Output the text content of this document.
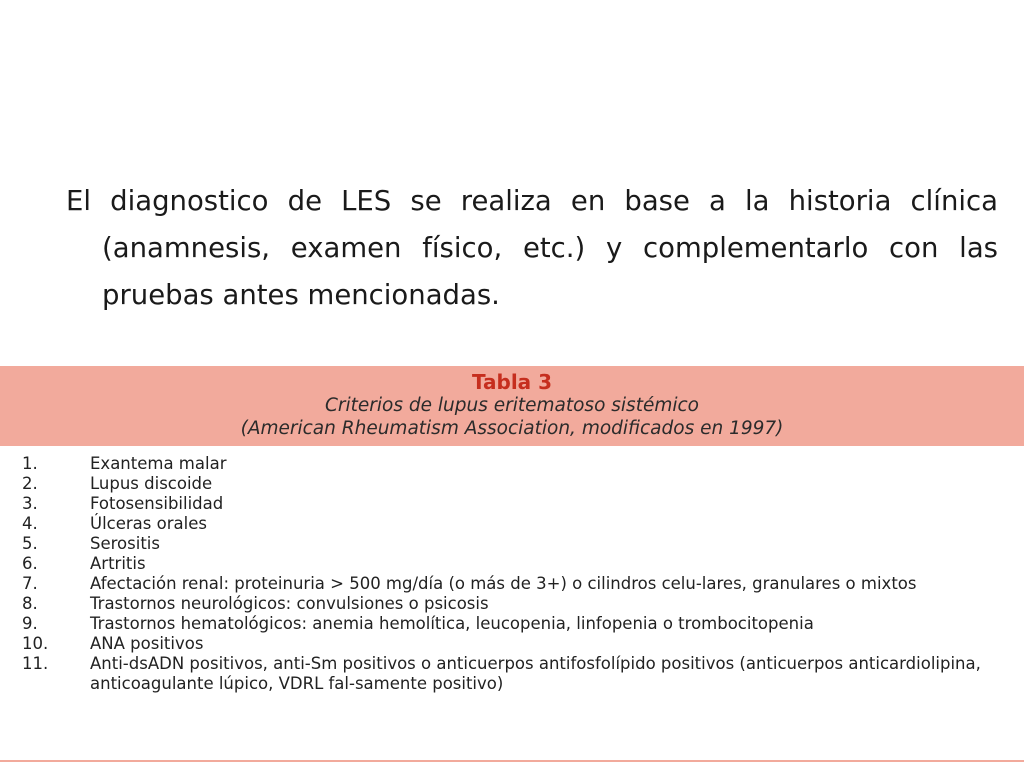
El diagnostico de LES se realiza en base a la historia clínica (anamnesis, examen físico, etc.) y complementarlo con las pruebas antes mencionadas.

Tabla 3
Criterios de lupus eritematoso sistémico
(American Rheumatism Association, modificados en 1997)
1.	Exantema malar
2.	Lupus discoide
3.	Fotosensibilidad
4.	Úlceras orales
5.	Serositis
6.	Artritis
7.	Afectación renal: proteinuria > 500 mg/día (o más de 3+) o cilindros celu-lares, granulares o mixtos
8.	Trastornos neurológicos: convulsiones o psicosis
9.	Trastornos hematológicos: anemia hemolítica, leucopenia, linfopenia o trombocitopenia
10.	ANA positivos
11.	Anti-dsADN positivos, anti-Sm positivos o anticuerpos antifosfolípido positivos (anticuerpos anticardiolipina, anticoagulante lúpico, VDRL fal-samente positivo)
